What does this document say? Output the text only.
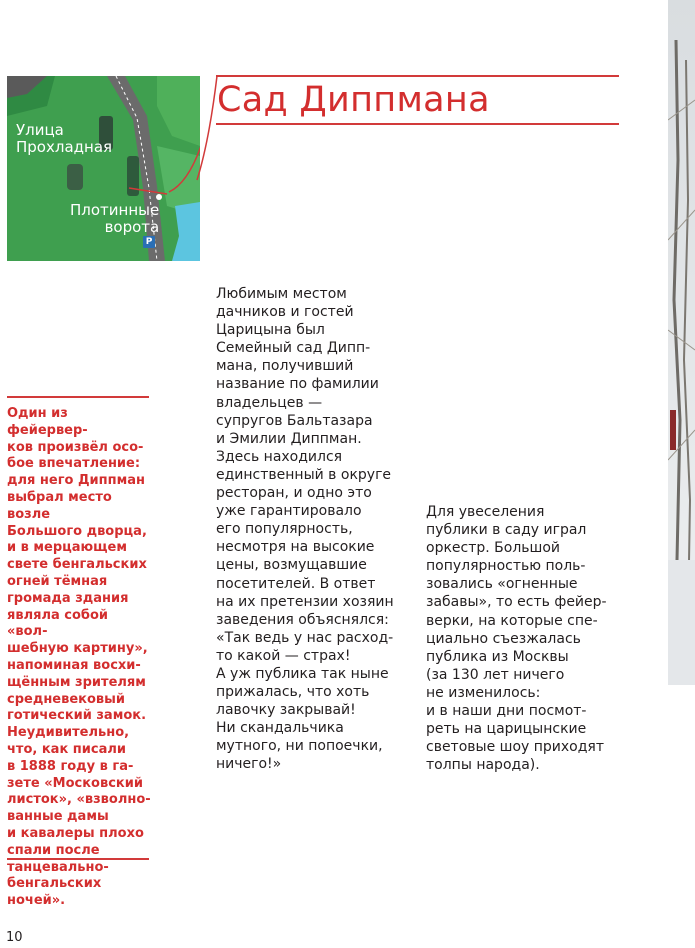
Улица
Прохладная
Плотинные
ворота
P
Сад Диппмана

Любимым местом
дачников и гостей
Царицына был
Семейный сад Дипп-
мана, получивший
название по фамилии
владельцев —
супругов Бальтазара
и Эмилии Диппман.
Здесь находился
единственный в округе
ресторан, и одно это
уже гарантировало
его популярность,
несмотря на высокие
цены, возмущавшие
посетителей. В ответ
на их претензии хозяин
заведения объяснялся:
«Так ведь у нас расход-
то какой — страх!
А уж публика так ныне
прижалась, что хоть
лавочку закрывай!
Ни скандальчика
мутного, ни попоечки,
ничего!»

Для увеселения
публики в саду играл
оркестр. Большой
популярностью поль-
зовались «огненные
забавы», то есть фейер-
верки, на которые спе-
циально съезжалась
публика из Москвы
(за 130 лет ничего
не изменилось:
и в наши дни посмот-
реть на царицынские
световые шоу приходят
толпы народа).

Один из фейервер-
ков произвёл осо-
бое впечатление:
для него Диппман
выбрал место возле
Большого дворца,
и в мерцающем
свете бенгальских
огней тёмная
громада здания
являла собой «вол-
шебную картину»,
напоминая восхи-
щённым зрителям
средневековый
готический замок.
Неудивительно,
что, как писали
в 1888 году в га-
зете «Московский
листок», «взволно-
ванные дамы
и кавалеры плохо
спали после
танцевально-
бенгальских
ночей».

10
